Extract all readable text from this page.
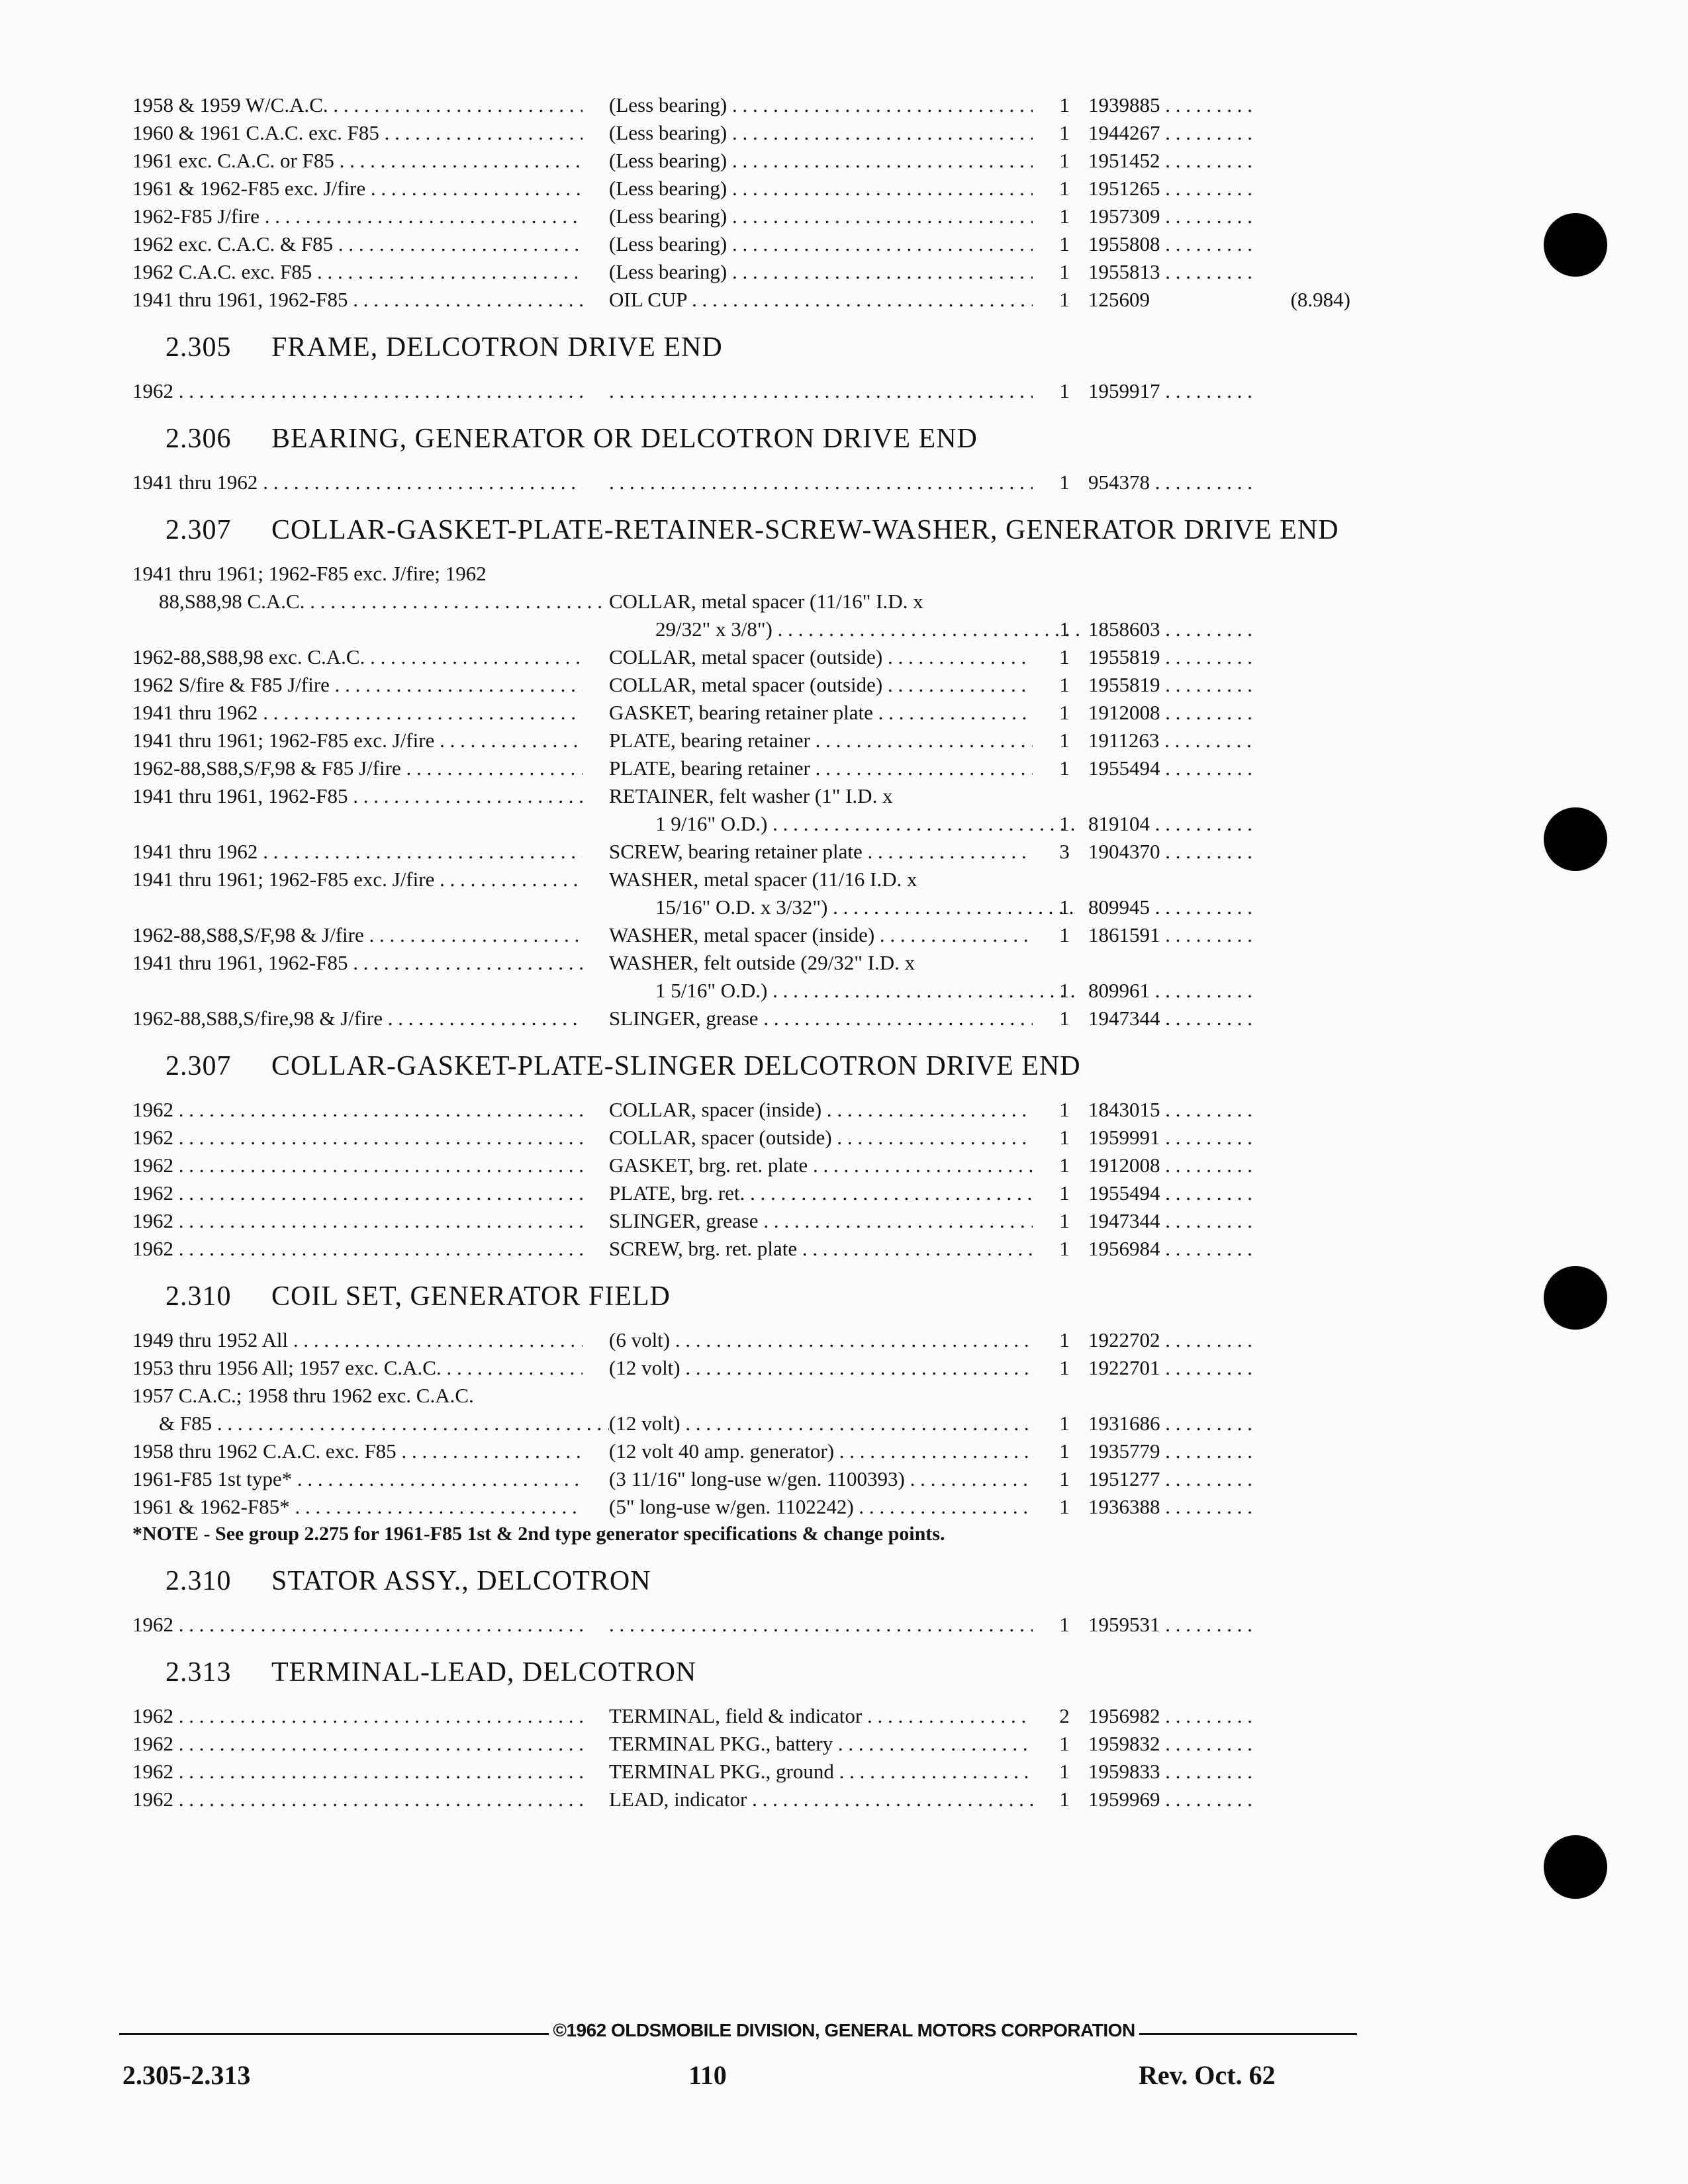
1958 & 1959 W/C.A.C. . . .	(Less bearing) . . .	1 1939885 . . .
1960 & 1961 C.A.C. exc. F85 . . .	(Less bearing) . . .	1 1944267 . . .
1961 exc. C.A.C. or F85 . . .	(Less bearing) . . .	1 1951452 . . .
1961 & 1962-F85 exc. J/fire . . .	(Less bearing) . . .	1 1951265 . . .
1962-F85 J/fire . . .	(Less bearing) . . .	1 1957309 . . .
1962 exc. C.A.C. & F85 . . .	(Less bearing) . . .	1 1955808 . . .
1962 C.A.C. exc. F85 . . .	(Less bearing) . . .	1 1955813 . . .
1941 thru 1961, 1962-F85 . . .	OIL CUP . . .	1 125609	(8.984)
2.305	FRAME, DELCOTRON DRIVE END
1962 . . . . . .	1 1959917 . . .
2.306	BEARING, GENERATOR OR DELCOTRON DRIVE END
1941 thru 1962 . . . . . .	1 954378 . . .
2.307	COLLAR-GASKET-PLATE-RETAINER-SCREW-WASHER, GENERATOR DRIVE END
1941 thru 1961; 1962-F85 exc. J/fire; 1962
88,S88,98 C.A.C. . . .	COLLAR, metal spacer (11/16" I.D. x
29/32" x 3/8") . . .	1 1858603 . . .
1962-88,S88,98 exc. C.A.C. . . .	COLLAR, metal spacer (outside) . . .	1 1955819 . . .
1962 S/fire & F85 J/fire . . .	COLLAR, metal spacer (outside) . . .	1 1955819 . . .
1941 thru 1962 . . .	GASKET, bearing retainer plate . . .	1 1912008 . . .
1941 thru 1961; 1962-F85 exc. J/fire . . .	PLATE, bearing retainer . . .	1 1911263 . . .
1962-88,S88,S/F,98 & F85 J/fire . . .	PLATE, bearing retainer . . .	1 1955494 . . .
1941 thru 1961, 1962-F85 . . .	RETAINER, felt washer (1" I.D. x
1 9/16" O.D.) . . .	1 819104 . . .
1941 thru 1962 . . .	SCREW, bearing retainer plate . . .	3 1904370 . . .
1941 thru 1961; 1962-F85 exc. J/fire . . .	WASHER, metal spacer (11/16 I.D. x
15/16" O.D. x 3/32") . . .	1 809945 . . .
1962-88,S88,S/F,98 & J/fire . . .	WASHER, metal spacer (inside) . . .	1 1861591 . . .
1941 thru 1961, 1962-F85 . . .	WASHER, felt outside (29/32" I.D. x
1 5/16" O.D.) . . .	1 809961 . . .
1962-88,S88,S/fire,98 & J/fire . . .	SLINGER, grease . . .	1 1947344 . . .
2.307	COLLAR-GASKET-PLATE-SLINGER DELCOTRON DRIVE END
1962 . . .	COLLAR, spacer (inside) . . .	1 1843015 . . .
1962 . . .	COLLAR, spacer (outside) . . .	1 1959991 . . .
1962 . . .	GASKET, brg. ret. plate . . .	1 1912008 . . .
1962 . . .	PLATE, brg. ret. . . .	1 1955494 . . .
1962 . . .	SLINGER, grease . . .	1 1947344 . . .
1962 . . .	SCREW, brg. ret. plate . . .	1 1956984 . . .
2.310	COIL SET, GENERATOR FIELD
1949 thru 1952 All . . .	(6 volt) . . .	1 1922702 . . .
1953 thru 1956 All; 1957 exc. C.A.C. . . .	(12 volt) . . .	1 1922701 . . .
1957 C.A.C.; 1958 thru 1962 exc. C.A.C.
& F85 . . .	(12 volt) . . .	1 1931686 . . .
1958 thru 1962 C.A.C. exc. F85 . . .	(12 volt 40 amp. generator) . . .	1 1935779 . . .
1961-F85 1st type* . . .	(3 11/16" long-use w/gen. 1100393) . . .	1 1951277 . . .
1961 & 1962-F85* . . .	(5" long-use w/gen. 1102242) . . .	1 1936388 . . .
*NOTE - See group 2.275 for 1961-F85 1st & 2nd type generator specifications & change points.
2.310	STATOR ASSY., DELCOTRON
1962 . . . . . .	1 1959531 . . .
2.313	TERMINAL-LEAD, DELCOTRON
1962 . . .	TERMINAL, field & indicator . . .	2 1956982 . . .
1962 . . .	TERMINAL PKG., battery . . .	1 1959832 . . .
1962 . . .	TERMINAL PKG., ground . . .	1 1959833 . . .
1962 . . .	LEAD, indicator . . .	1 1959969 . . .
©1962 OLDSMOBILE DIVISION, GENERAL MOTORS CORPORATION
2.305-2.313	110	Rev. Oct. 62
